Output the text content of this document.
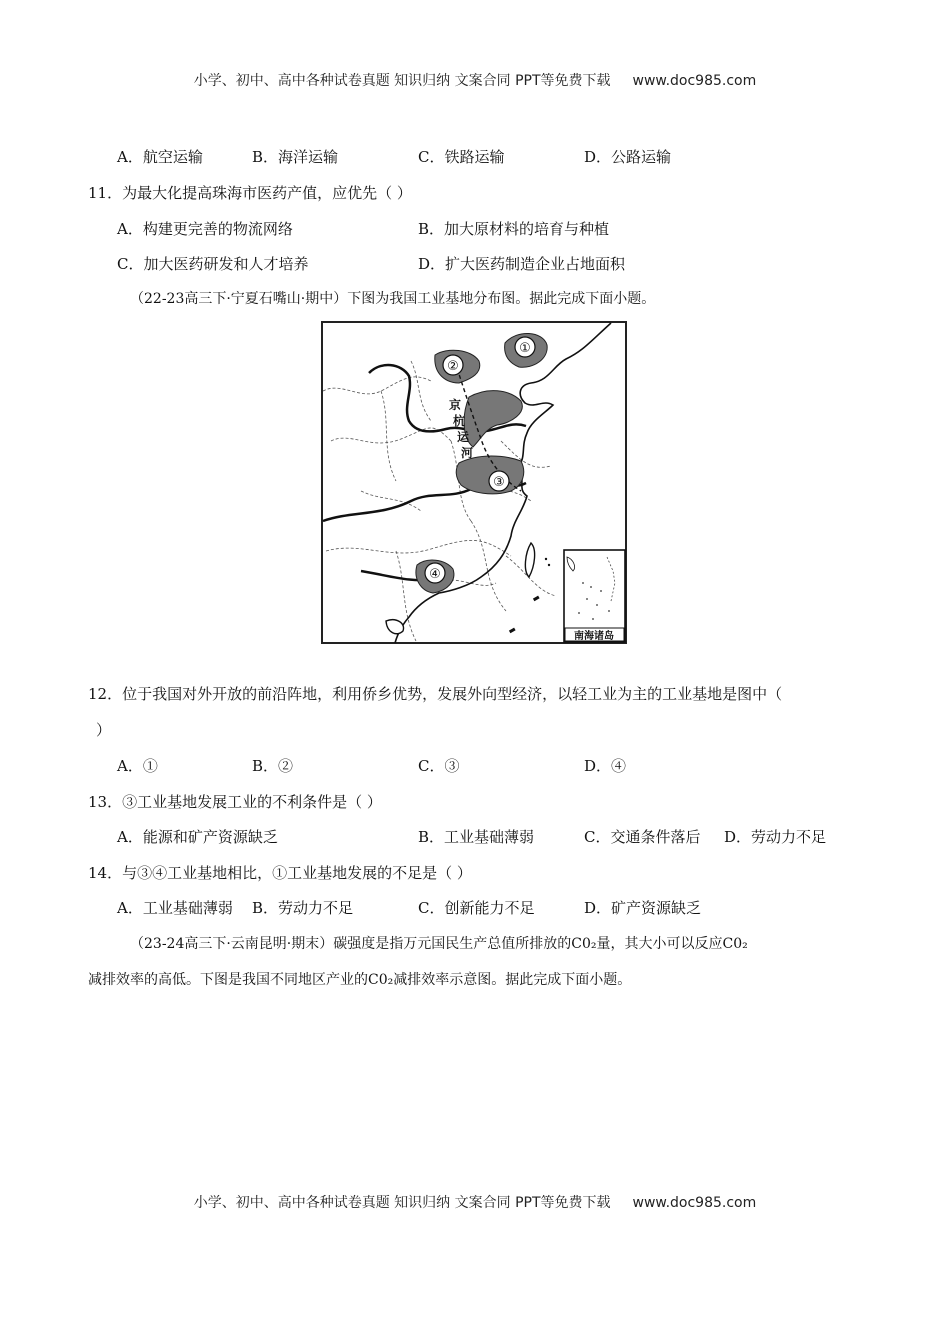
小学、初中、高中各种试卷真题 知识归纳 文案合同 PPT等免费下载 www.doc985.com
A．航空运输	B．海洋运输	C．铁路运输	D．公路运输
11．为最大化提高珠海市医药产值，应优先（ ）
A．构建更完善的物流网络	B．加大原材料的培育与种植
C．加大医药研发和人才培养	D．扩大医药制造企业占地面积
（22-23高三下·宁夏石嘴山·期中）下图为我国工业基地分布图。据此完成下面小题。
京
杭
运
河
①
②
③
④
南海诸岛
12．位于我国对外开放的前沿阵地，利用侨乡优势，发展外向型经济，以轻工业为主的工业基地是图中（
）
A．①	B．②	C．③	D．④
13．③工业基地发展工业的不利条件是（ ）
A．能源和矿产资源缺乏	B．工业基础薄弱	C．交通条件落后 D．劳动力不足
14．与③④工业基地相比，①工业基地发展的不足是（ ）
A．工业基础薄弱 B．劳动力不足	C．创新能力不足	D．矿产资源缺乏
（23-24高三下·云南昆明·期末）碳强度是指万元国民生产总值所排放的C0₂量，其大小可以反应C0₂
减排效率的高低。下图是我国不同地区产业的C0₂减排效率示意图。据此完成下面小题。
小学、初中、高中各种试卷真题 知识归纳 文案合同 PPT等免费下载 www.doc985.com
